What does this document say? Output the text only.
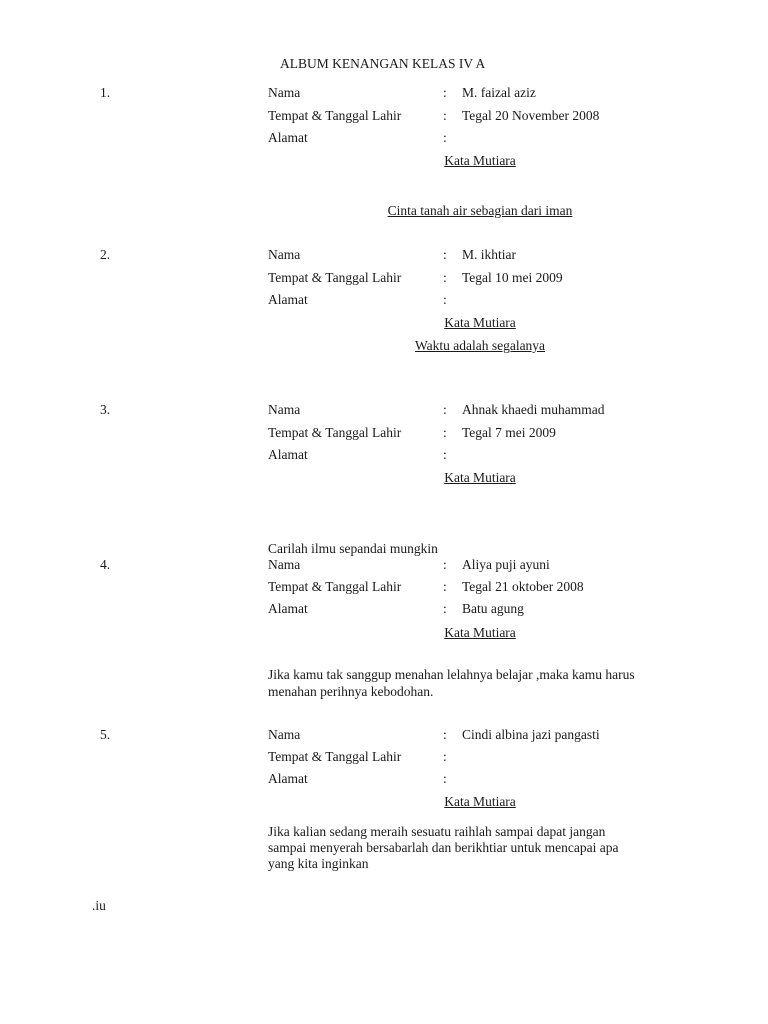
ALBUM KENANGAN KELAS IV A
1.	Nama	: M. faizal aziz
Tempat & Tanggal Lahir	: Tegal 20 November 2008
Alamat	:
Kata Mutiara
Cinta tanah air sebagian dari iman
2.	Nama	: M. ikhtiar
Tempat & Tanggal Lahir	: Tegal 10 mei 2009
Alamat	:
Kata Mutiara
Waktu adalah segalanya
3.	Nama	: Ahnak khaedi muhammad
Tempat & Tanggal Lahir	: Tegal 7 mei 2009
Alamat	:
Kata Mutiara
Carilah ilmu sepandai mungkin
4.	Nama	: Aliya puji ayuni
Tempat & Tanggal Lahir	: Tegal 21 oktober 2008
Alamat	: Batu agung
Kata Mutiara
Jika kamu tak sanggup menahan lelahnya belajar ,maka kamu harus
menahan perihnya kebodohan.
5.	Nama	: Cindi albina jazi pangasti
Tempat & Tanggal Lahir	:
Alamat	:
Kata Mutiara
Jika kalian sedang meraih sesuatu raihlah sampai dapat jangan
sampai menyerah bersabarlah dan berikhtiar untuk mencapai apa
yang kita inginkan
.iu
